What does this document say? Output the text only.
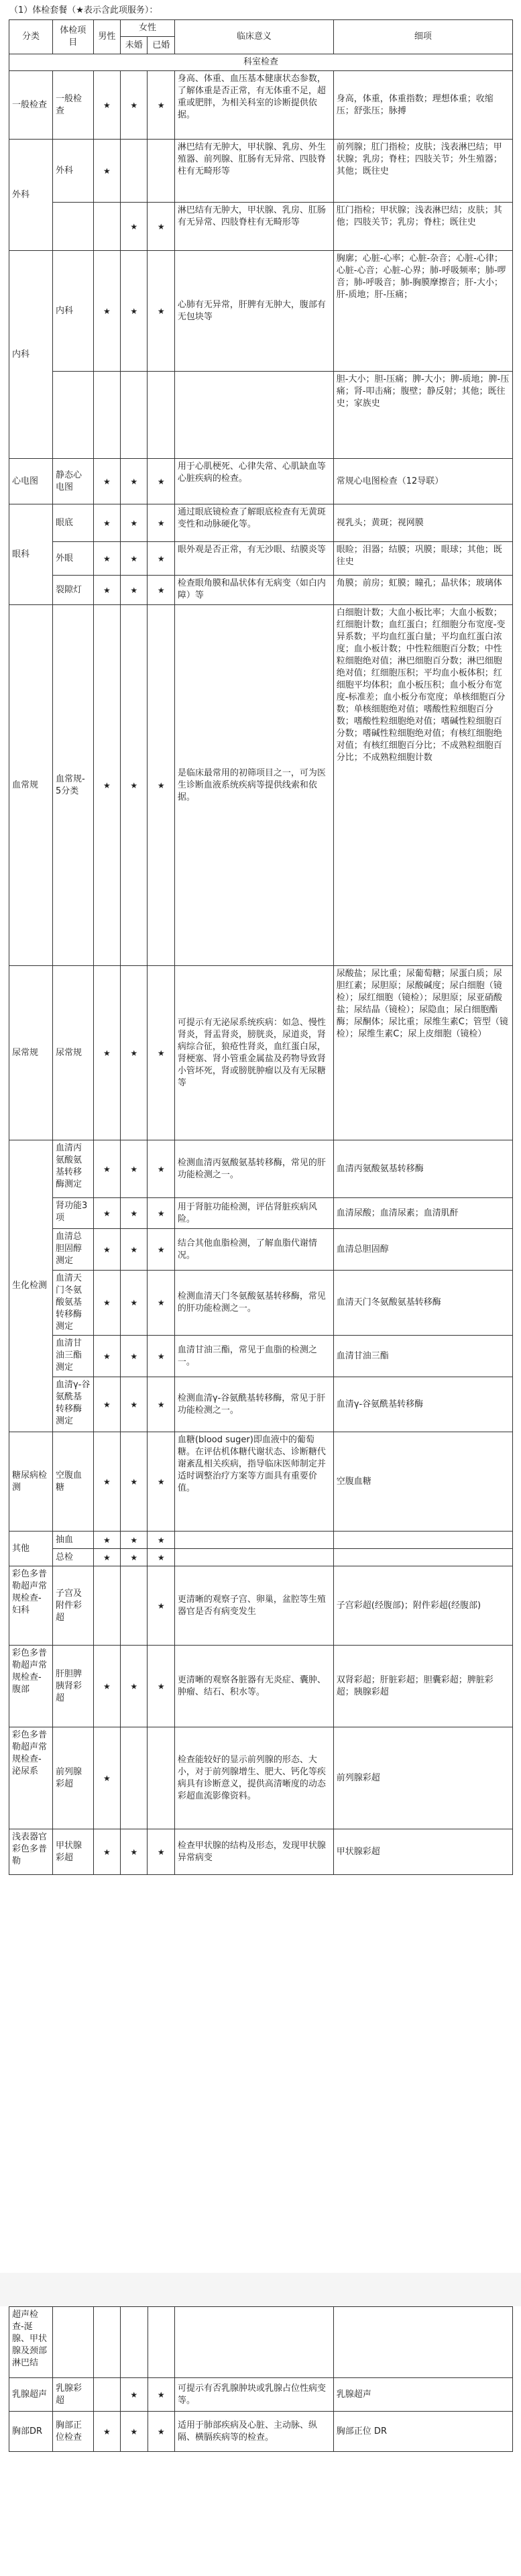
（1）体检套餐（★表示含此项服务）：
分类	体检项目	男性	女性		临床意义	细项
			未婚	已婚		
科室检查						
一般检查	一般检查	★	★	★	身高、体重、血压基本健康状态参数，了解体重是否正常，有无体重不足，超重或肥胖，为相关科室的诊断提供依据。	身高，体重，体重指数；理想体重；收缩压；舒张压；脉搏
外科	外科	★			淋巴结有无肿大，甲状腺、乳房、外生殖器、前列腺、肛肠有无异常、四肢脊柱有无畸形等	前列腺；肛门指检；皮肤；浅表淋巴结；甲状腺；乳房；脊柱；四肢关节；外生殖器；其他；既往史
			★	★	淋巴结有无肿大，甲状腺、乳房、肛肠有无异常、四肢脊柱有无畸形等	肛门指检；甲状腺；浅表淋巴结；皮肤；其他；四肢关节；乳房；脊柱；既往史
内科	内科	★	★	★	心肺有无异常，肝脾有无肿大，腹部有无包块等	胸廓；心脏-心率；心脏-杂音；心脏-心律；心脏-心音；心脏-心界；肺-呼吸频率；肺-啰音；肺-呼吸音；肺-胸膜摩擦音；肝-大小；肝-质地；肝-压痛；
						胆-大小；胆-压痛；脾-大小；脾-质地；脾-压痛；肾-叩击痛；腹壁；静反射；其他；既往史；家族史
心电图	静态心电图	★	★	★	用于心肌梗死、心律失常、心肌缺血等心脏疾病的检查。	常规心电图检查（12导联）
眼科	眼底	★	★	★	通过眼底镜检查了解眼底检查有无黄斑变性和动脉硬化等。	视乳头；黄斑；视网膜
	外眼	★	★	★	眼外观是否正常，有无沙眼、结膜炎等	眼睑；泪器；结膜；巩膜；眼球；其他；既往史
	裂隙灯	★	★	★	检查眼角膜和晶状体有无病变（如白内障）等	角膜；前房；虹膜；瞳孔；晶状体；玻璃体
血常规	血常规-5分类	★	★	★	是临床最常用的初筛项目之一，可为医生诊断血液系统疾病等提供线索和依据。	白细胞计数；大血小板比率；大血小板数；红细胞计数；血红蛋白；红细胞分布宽度-变异系数；平均血红蛋白量；平均血红蛋白浓度；血小板计数；中性粒细胞百分数；中性粒细胞绝对值；淋巴细胞百分数；淋巴细胞绝对值；红细胞压积；平均血小板体积；红细胞平均体积；血小板压积；血小板分布宽度-标准差；血小板分布宽度；单核细胞百分数；单核细胞绝对值；嗜酸性粒细胞百分数；嗜酸性粒细胞绝对值；嗜碱性粒细胞百分数；嗜碱性粒细胞绝对值；有核红细胞绝对值；有核红细胞百分比；不成熟粒细胞百分比；不成熟粒细胞计数
尿常规	尿常规	★	★	★	可提示有无泌尿系统疾病：如急、慢性肾炎，肾盂肾炎，膀胱炎，尿道炎，肾病综合征，狼疮性肾炎，血红蛋白尿，肾梗塞、肾小管重金属盐及药物导致肾小管坏死，肾或膀胱肿瘤以及有无尿糖等	尿酸盐；尿比重；尿葡萄糖；尿蛋白质；尿胆红素；尿胆原；尿酸碱度；尿白细胞（镜检）；尿红细胞（镜检）；尿胆原；尿亚硝酸盐；尿结晶（镜检）；尿隐血；尿白细胞酯酶；尿酮体；尿比重；尿维生素C；管型（镜检）；尿维生素C；尿上皮细胞（镜检）
生化检测	血清丙氨酸氨基转移酶测定	★	★	★	检测血清丙氨酸氨基转移酶，常见的肝功能检测之一。	血清丙氨酸氨基转移酶
	肾功能3项	★	★	★	用于肾脏功能检测，评估肾脏疾病风险。	血清尿酸；血清尿素；血清肌酐
	血清总胆固醇测定	★	★	★	结合其他血脂检测，了解血脂代谢情况。	血清总胆固醇
	血清天门冬氨酸氨基转移酶测定	★	★	★	检测血清天门冬氨酸氨基转移酶，常见的肝功能检测之一。	血清天门冬氨酸氨基转移酶
	血清甘油三酯测定	★	★	★	血清甘油三酯，常见于血脂的检测之一。	血清甘油三酯
	血清γ-谷氨酰基转移酶测定	★	★	★	检测血清γ-谷氨酰基转移酶，常见于肝功能检测之一。	血清γ-谷氨酰基转移酶
糖尿病检测	空腹血糖	★	★	★	血糖(blood suger)即血液中的葡萄糖。在评估机体糖代谢状态、诊断糖代谢紊乱相关疾病，指导临床医师制定并适时调整治疗方案等方面具有重要价值。	空腹血糖
其他	抽血	★	★	★		
	总检	★	★	★		
彩色多普勒超声常规检查-妇科	子宫及附件彩超			★	更清晰的观察子宫、卵巢，盆腔等生殖器官是否有病变发生	子宫彩超(经腹部)；附件彩超(经腹部)
彩色多普勒超声常规检查-腹部	肝胆脾胰肾彩超	★	★	★	更清晰的观察各脏器有无炎症、囊肿、肿瘤、结石、积水等。	双肾彩超；肝脏彩超；胆囊彩超；脾脏彩超；胰腺彩超
彩色多普勒超声常规检查-泌尿系	前列腺彩超	★			检查能较好的显示前列腺的形态、大小，对于前列腺增生、肥大、钙化等疾病具有诊断意义，提供高清晰度的动态彩超血流影像资料。	前列腺彩超
浅表器官彩色多普勒	甲状腺彩超	★	★	★	检查甲状腺的结构及形态，发现甲状腺异常病变	甲状腺彩超
超声检查-涎腺、甲状腺及颈部淋巴结						
乳腺超声	乳腺彩超		★	★	可提示有否乳腺肿块或乳腺占位性病变等。	乳腺超声
胸部DR	胸部正位检查	★	★	★	适用于肺部疾病及心脏、主动脉、纵隔、横膈疾病等的检查。	胸部正位 DR
